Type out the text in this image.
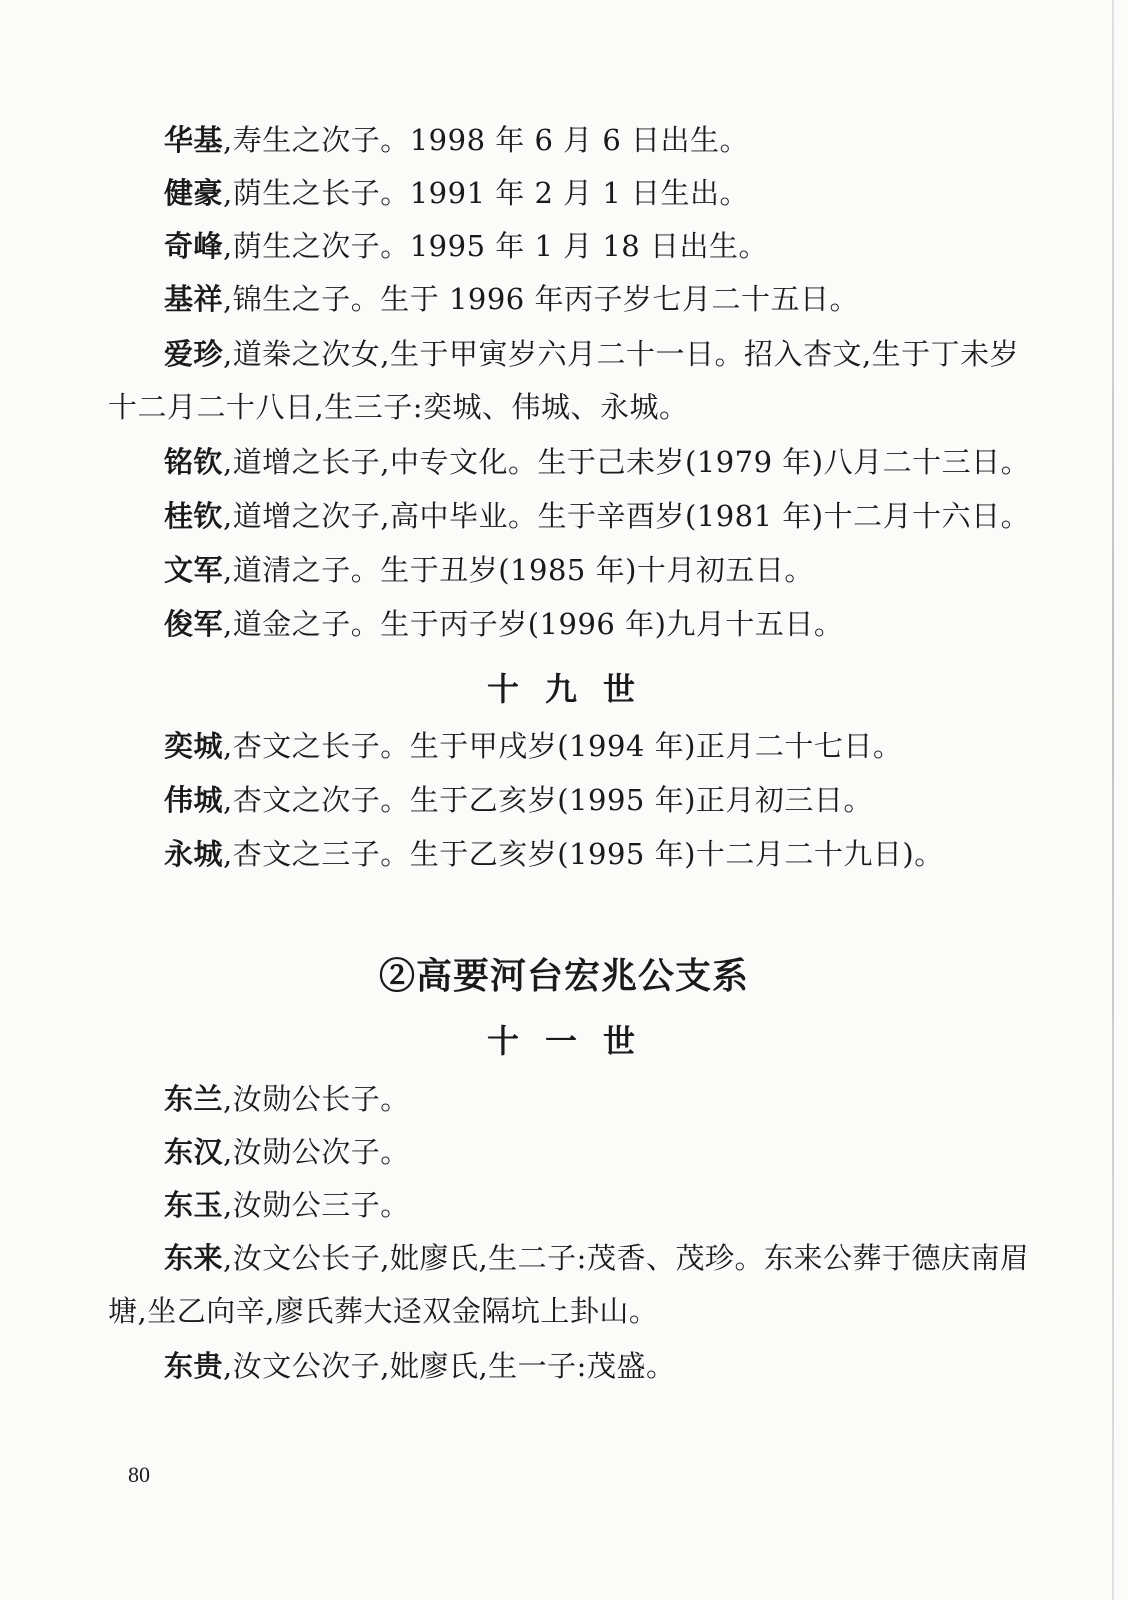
华基,寿生之次子。1998 年 6 月 6 日出生。

健豪,荫生之长子。1991 年 2 月 1 日生出。

奇峰,荫生之次子。1995 年 1 月 18 日出生。

基祥,锦生之子。生于 1996 年丙子岁七月二十五日。

爱珍,道桊之次女,生于甲寅岁六月二十一日。招入杏文,生于丁未岁十二月二十八日,生三子:奕城、伟城、永城。

铭钦,道增之长子,中专文化。生于己未岁(1979 年)八月二十三日。

桂钦,道增之次子,高中毕业。生于辛酉岁(1981 年)十二月十六日。

文军,道清之子。生于丑岁(1985 年)十月初五日。

俊军,道金之子。生于丙子岁(1996 年)九月十五日。

十九世

奕城,杏文之长子。生于甲戌岁(1994 年)正月二十七日。

伟城,杏文之次子。生于乙亥岁(1995 年)正月初三日。

永城,杏文之三子。生于乙亥岁(1995 年)十二月二十九日)。

②高要河台宏兆公支系
十一世

东兰,汝勋公长子。

东汉,汝勋公次子。

东玉,汝勋公三子。

东来,汝文公长子,妣廖氏,生二子:茂香、茂珍。东来公葬于德庆南眉塘,坐乙向辛,廖氏葬大迳双金隔坑上卦山。

东贵,汝文公次子,妣廖氏,生一子:茂盛。

80
